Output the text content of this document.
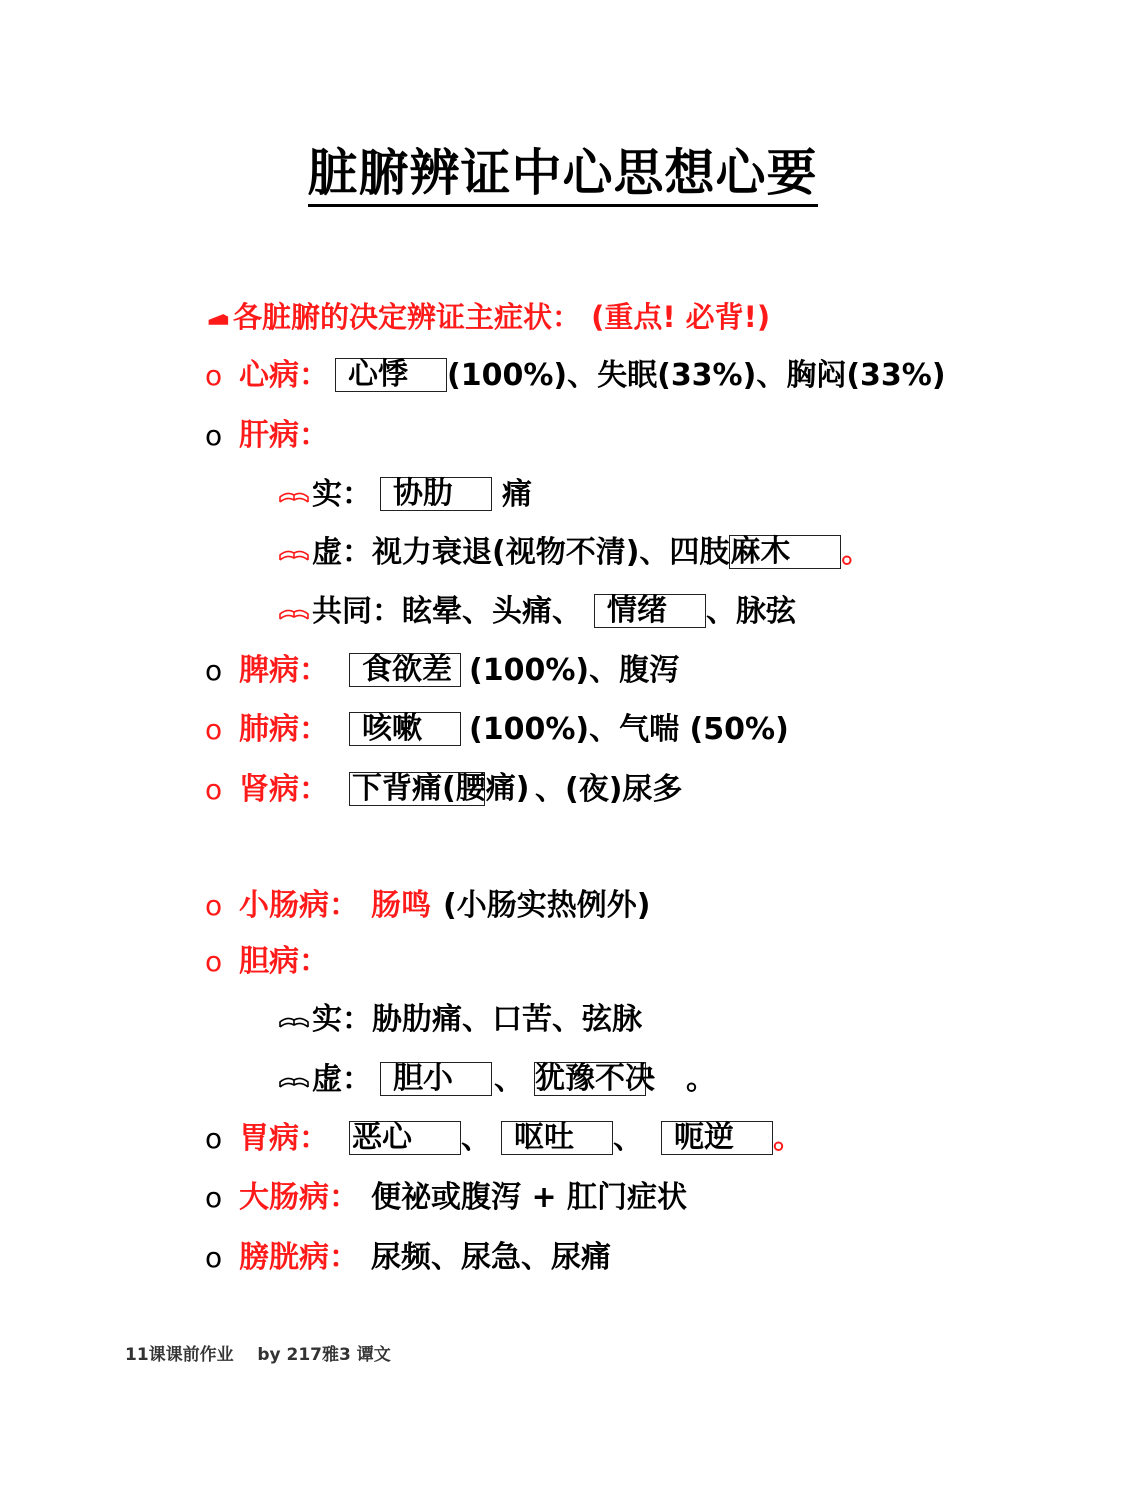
脏腑辨证中心思想心要
各脏腑的决定辨证主症状： (重点! 必背!)
o 心病： 心悸 (100%)、失眠(33%)、胸闷(33%)
o 肝病：
实： 协肋 痛
虚：视力衰退(视物不清)、四肢麻木 。
共同：眩晕、头痛、 情绪 、脉弦
o 脾病： 食欲差 (100%)、腹泻
o 肺病： 咳嗽 (100%)、气喘 (50%)
o 肾病： 下背痛(腰痛) 、(夜)尿多
o 小肠病： 肠鸣 (小肠实热例外)
o 胆病：
实：胁肋痛、口苦、弦脉
虚： 胆小 、 犹豫不决 。
o 胃病： 恶心 、 呕吐 、 呃逆 。
o 大肠病： 便祕或腹泻 + 肛门症状
o 膀胱病： 尿频、尿急、尿痛
11课课前作业    by 217雅3 谭文
